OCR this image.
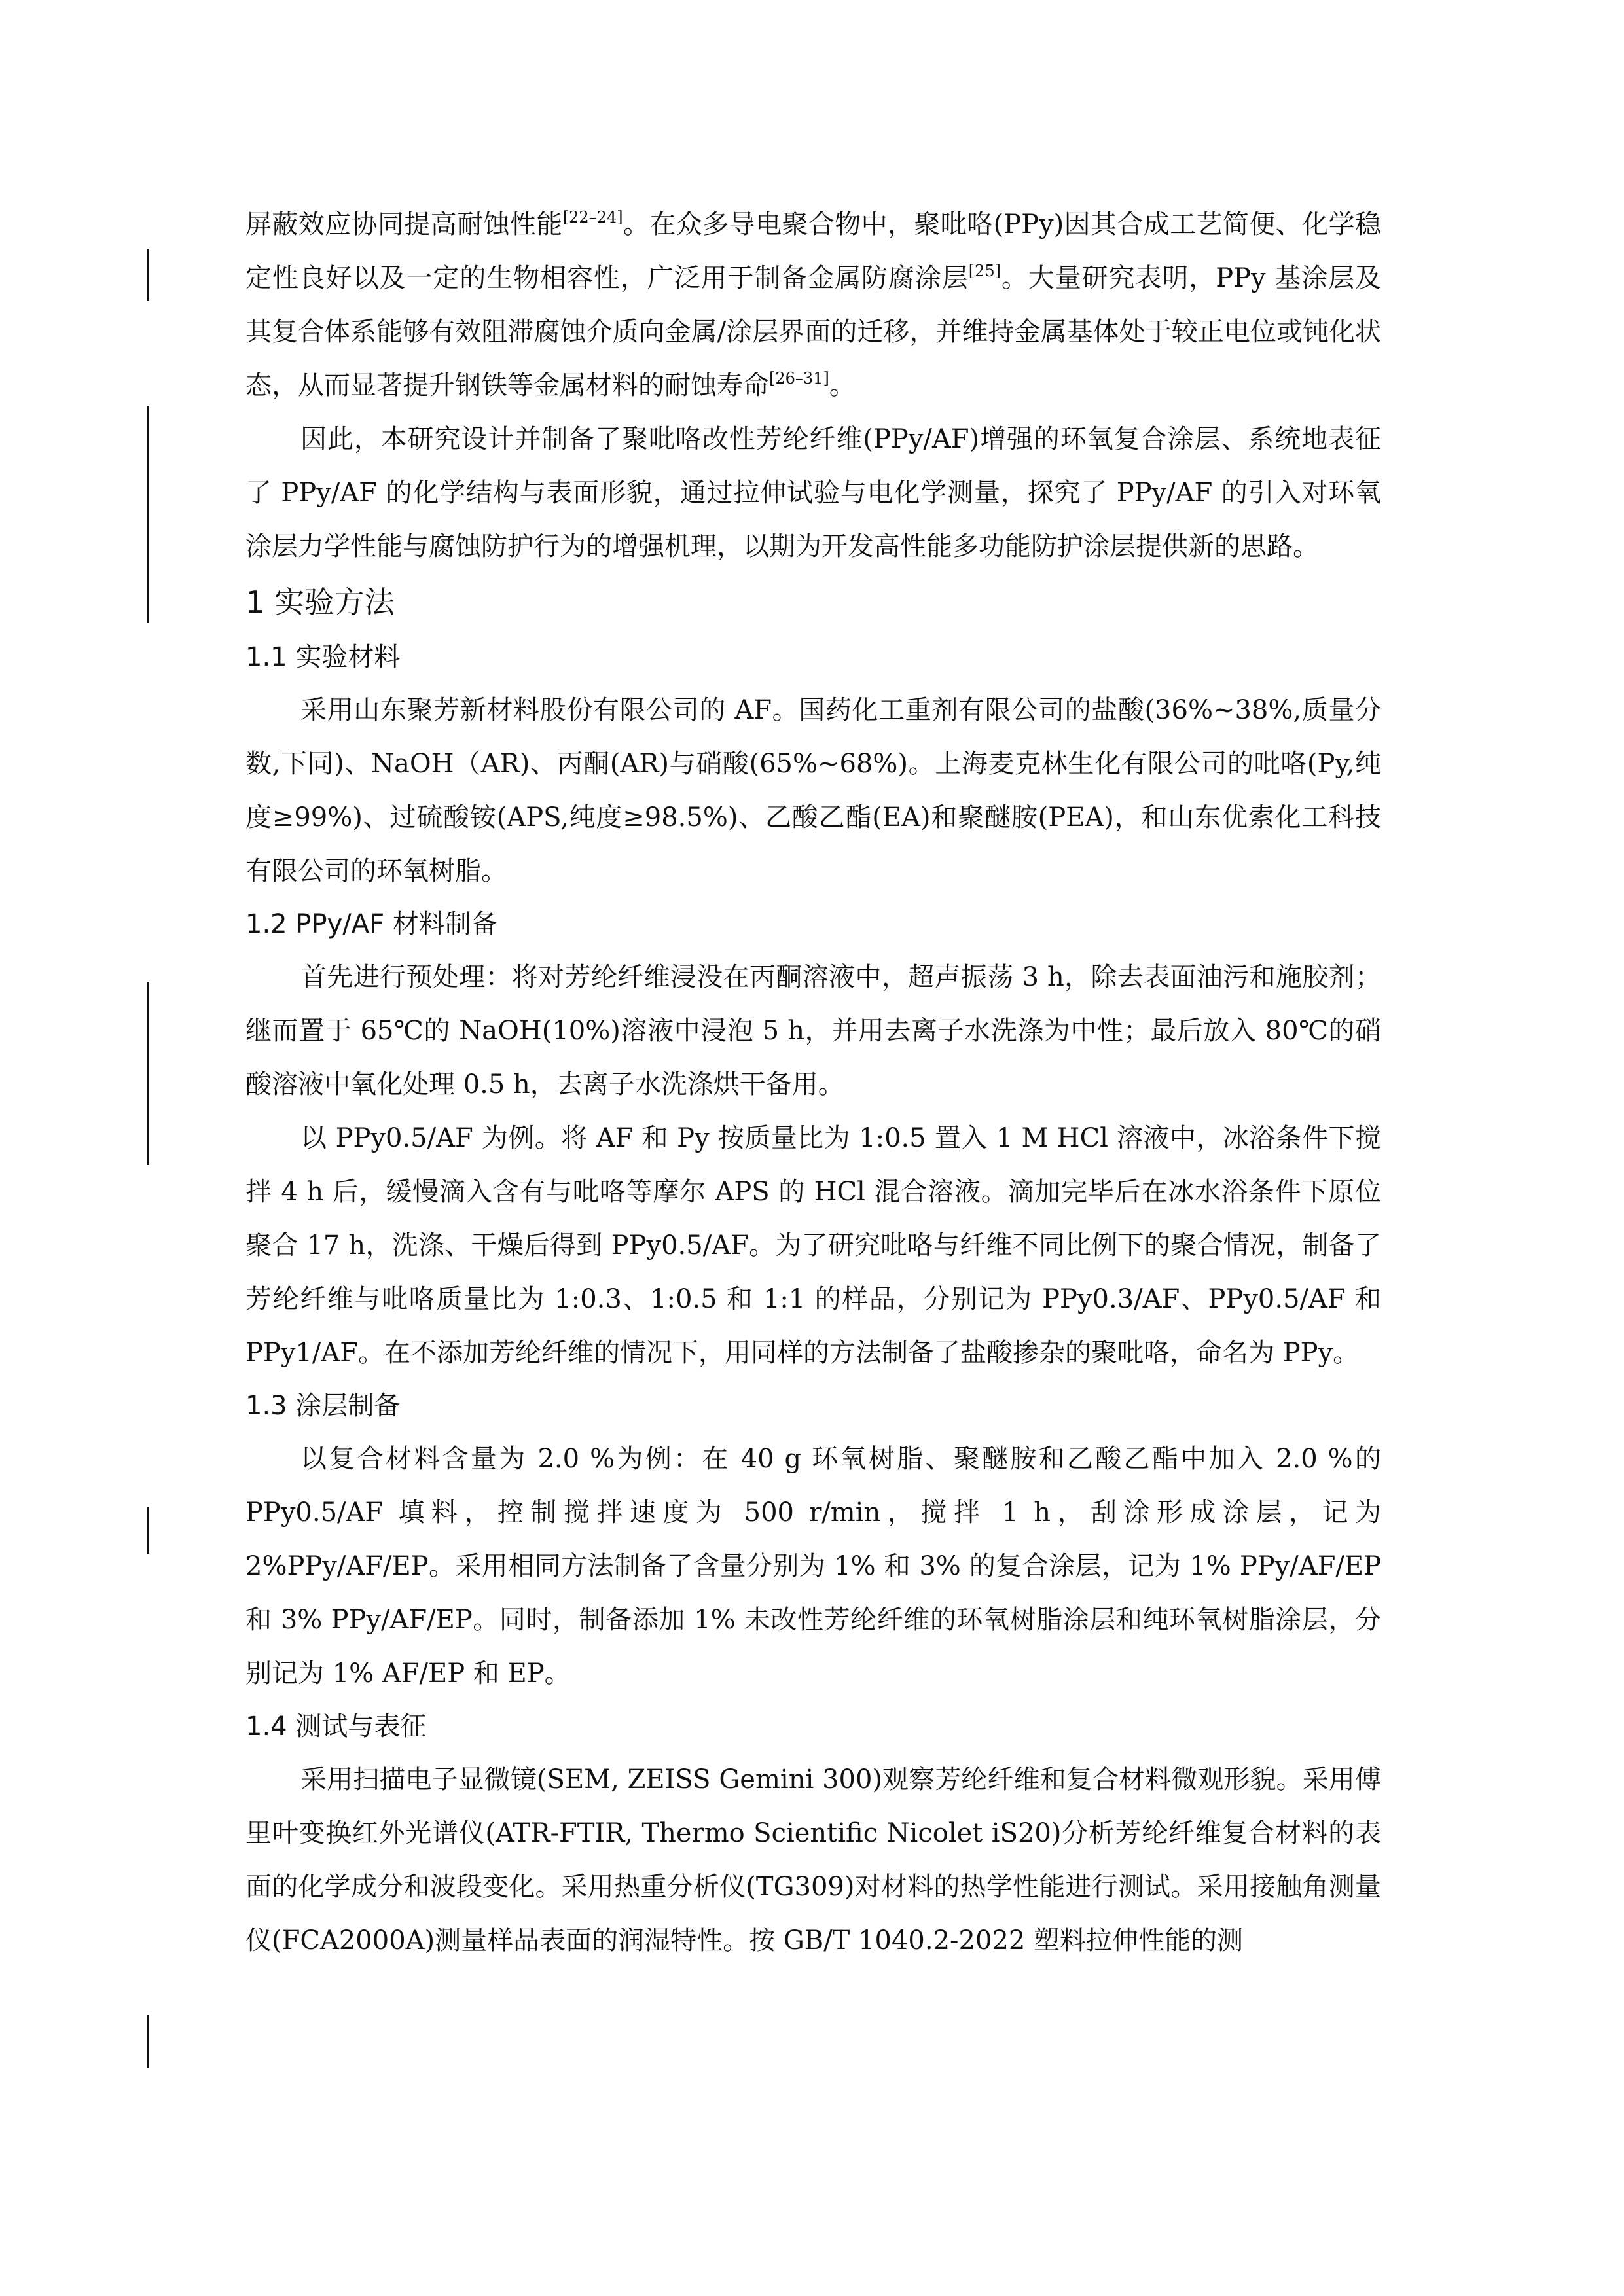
屏蔽效应协同提高耐蚀性能[22–24]。在众多导电聚合物中，聚吡咯(PPy)因其合成工艺简便、化学稳定性良好以及一定的生物相容性，广泛用于制备金属防腐涂层[25]。大量研究表明，PPy 基涂层及其复合体系能够有效阻滞腐蚀介质向金属/涂层界面的迁移，并维持金属基体处于较正电位或钝化状态，从而显著提升钢铁等金属材料的耐蚀寿命[26–31]。

因此，本研究设计并制备了聚吡咯改性芳纶纤维(PPy/AF)增强的环氧复合涂层、系统地表征了 PPy/AF 的化学结构与表面形貌，通过拉伸试验与电化学测量，探究了 PPy/AF 的引入对环氧涂层力学性能与腐蚀防护行为的增强机理，以期为开发高性能多功能防护涂层提供新的思路。

1 实验方法
1.1 实验材料

采用山东聚芳新材料股份有限公司的 AF。国药化工重剂有限公司的盐酸(36%~38%,质量分数,下同)、NaOH（AR)、丙酮(AR)与硝酸(65%~68%)。上海麦克林生化有限公司的吡咯(Py,纯度≥99%)、过硫酸铵(APS,纯度≥98.5%)、乙酸乙酯(EA)和聚醚胺(PEA)，和山东优索化工科技有限公司的环氧树脂。

1.2 PPy/AF 材料制备

首先进行预处理：将对芳纶纤维浸没在丙酮溶液中，超声振荡 3 h，除去表面油污和施胶剂；继而置于 65℃的 NaOH(10%)溶液中浸泡 5 h，并用去离子水洗涤为中性；最后放入 80℃的硝酸溶液中氧化处理 0.5 h，去离子水洗涤烘干备用。

以 PPy0.5/AF 为例。将 AF 和 Py 按质量比为 1:0.5 置入 1 M HCl 溶液中，冰浴条件下搅拌 4 h 后，缓慢滴入含有与吡咯等摩尔 APS 的 HCl 混合溶液。滴加完毕后在冰水浴条件下原位聚合 17 h，洗涤、干燥后得到 PPy0.5/AF。为了研究吡咯与纤维不同比例下的聚合情况，制备了芳纶纤维与吡咯质量比为 1:0.3、1:0.5 和 1:1 的样品，分别记为 PPy0.3/AF、PPy0.5/AF 和 PPy1/AF。在不添加芳纶纤维的情况下，用同样的方法制备了盐酸掺杂的聚吡咯，命名为 PPy。

1.3 涂层制备

以复合材料含量为 2.0 %为例：在 40 g 环氧树脂、聚醚胺和乙酸乙酯中加入 2.0 %的 PPy0.5/AF 填料，控制搅拌速度为 500 r/min，搅拌 1 h，刮涂形成涂层，记为 2%PPy/AF/EP。采用相同方法制备了含量分别为 1% 和 3% 的复合涂层，记为 1% PPy/AF/EP 和 3% PPy/AF/EP。同时，制备添加 1% 未改性芳纶纤维的环氧树脂涂层和纯环氧树脂涂层，分别记为 1% AF/EP 和 EP。

1.4 测试与表征

采用扫描电子显微镜(SEM, ZEISS Gemini 300)观察芳纶纤维和复合材料微观形貌。采用傅里叶变换红外光谱仪(ATR-FTIR, Thermo Scientific Nicolet iS20)分析芳纶纤维复合材料的表面的化学成分和波段变化。采用热重分析仪(TG309)对材料的热学性能进行测试。采用接触角测量仪(FCA2000A)测量样品表面的润湿特性。按 GB/T 1040.2-2022 塑料拉伸性能的测
